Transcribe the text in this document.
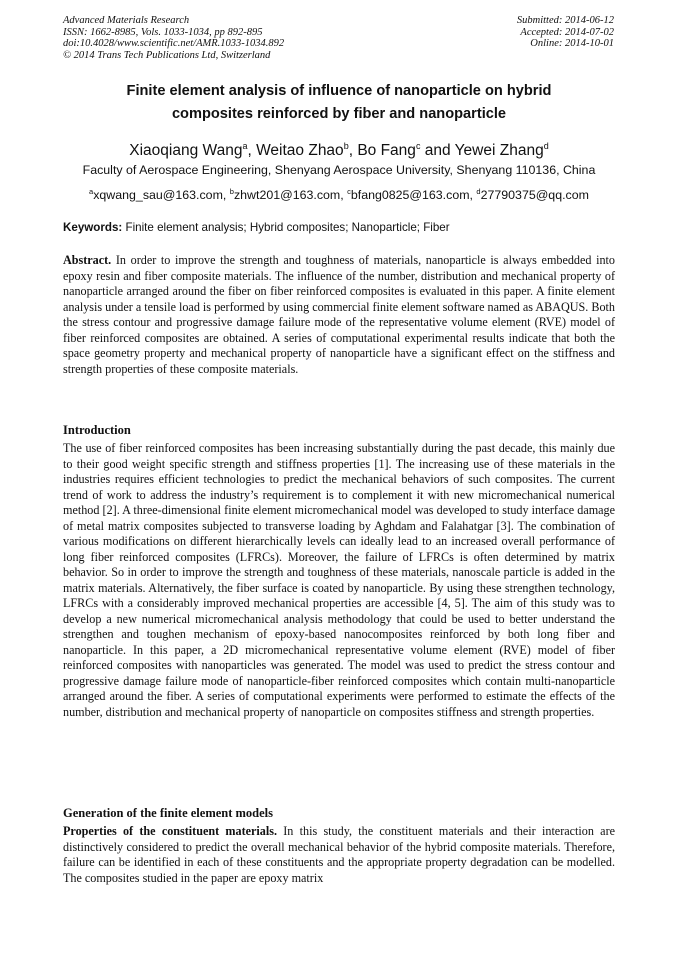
Advanced Materials Research
ISSN: 1662-8985, Vols. 1033-1034, pp 892-895
doi:10.4028/www.scientific.net/AMR.1033-1034.892
© 2014 Trans Tech Publications Ltd, Switzerland
Submitted: 2014-06-12
Accepted: 2014-07-02
Online: 2014-10-01
Finite element analysis of influence of nanoparticle on hybrid
composites reinforced by fiber and nanoparticle
Xiaoqiang Wang$^a$, Weitao Zhao$^b$, Bo Fang$^c$ and Yewei Zhang$^d$
Faculty of Aerospace Engineering, Shenyang Aerospace University, Shenyang 110136, China
$^a$xqwang_sau@163.com, $^b$zhwt201@163.com, $^c$bfang0825@163.com, $^d$27790375@qq.com
Keywords: Finite element analysis; Hybrid composites; Nanoparticle; Fiber
Abstract. In order to improve the strength and toughness of materials, nanoparticle is always embedded into epoxy resin and fiber composite materials. The influence of the number, distribution and mechanical property of nanoparticle arranged around the fiber on fiber reinforced composites is evaluated in this paper. A finite element analysis under a tensile load is performed by using commercial finite element software named as ABAQUS. Both the stress contour and progressive damage failure mode of the representative volume element (RVE) model of fiber reinforced composites are obtained. A series of computational experimental results indicate that both the space geometry property and mechanical property of nanoparticle have a significant effect on the stiffness and strength properties of these composite materials.
Introduction
The use of fiber reinforced composites has been increasing substantially during the past decade, this mainly due to their good weight specific strength and stiffness properties [1]. The increasing use of these materials in the industries requires efficient technologies to predict the mechanical behaviors of such composites. The current trend of work to address the industry’s requirement is to complement it with new micromechanical numerical method [2]. A three-dimensional finite element micromechanical model was developed to study interface damage of metal matrix composites subjected to transverse loading by Aghdam and Falahatgar [3]. The combination of various modifications on different hierarchically levels can ideally lead to an increased overall performance of long fiber reinforced composites (LFRCs). Moreover, the failure of LFRCs is often determined by matrix behavior. So in order to improve the strength and toughness of these materials, nanoscale particle is added in the matrix materials. Alternatively, the fiber surface is coated by nanoparticle. By using these strengthen technology, LFRCs with a considerably improved mechanical properties are accessible [4, 5]. The aim of this study was to develop a new numerical micromechanical analysis methodology that could be used to better understand the strengthen and toughen mechanism of epoxy-based nanocomposites reinforced by both long fiber and nanoparticle. In this paper, a 2D micromechanical representative volume element (RVE) model of fiber reinforced composites with nanoparticles was generated. The model was used to predict the stress contour and progressive damage failure mode of nanoparticle-fiber reinforced composites which contain multi-nanoparticle arranged around the fiber. A series of computational experiments were performed to estimate the effects of the number, distribution and mechanical property of nanoparticle on composites stiffness and strength properties.
Generation of the finite element models
Properties of the constituent materials. In this study, the constituent materials and their interaction are distinctively considered to predict the overall mechanical behavior of the hybrid composite materials. Therefore, failure can be identified in each of these constituents and the appropriate property degradation can be modelled. The composites studied in the paper are epoxy matrix
